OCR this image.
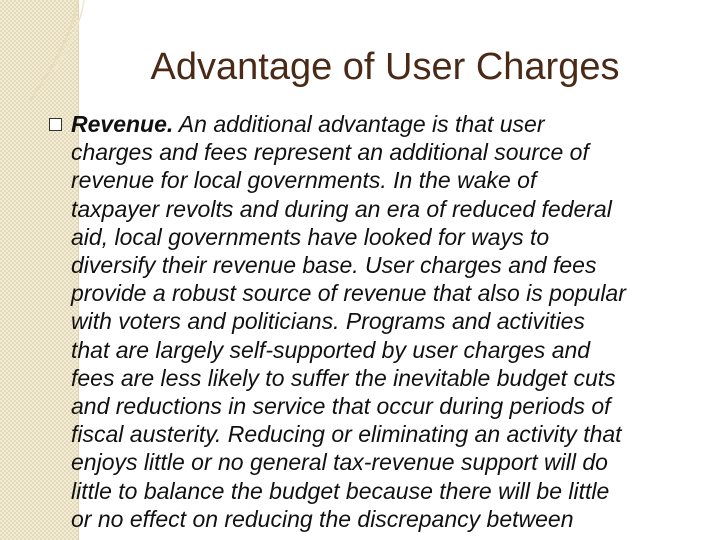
Advantage of User Charges
Revenue. An additional advantage is that user
charges and fees represent an additional source of
revenue for local governments. In the wake of
taxpayer revolts and during an era of reduced federal
aid, local governments have looked for ways to
diversify their revenue base. User charges and fees
provide a robust source of revenue that also is popular
with voters and politicians. Programs and activities
that are largely self-supported by user charges and
fees are less likely to suffer the inevitable budget cuts
and reductions in service that occur during periods of
fiscal austerity. Reducing or eliminating an activity that
enjoys little or no general tax-revenue support will do
little to balance the budget because there will be little
or no effect on reducing the discrepancy between
